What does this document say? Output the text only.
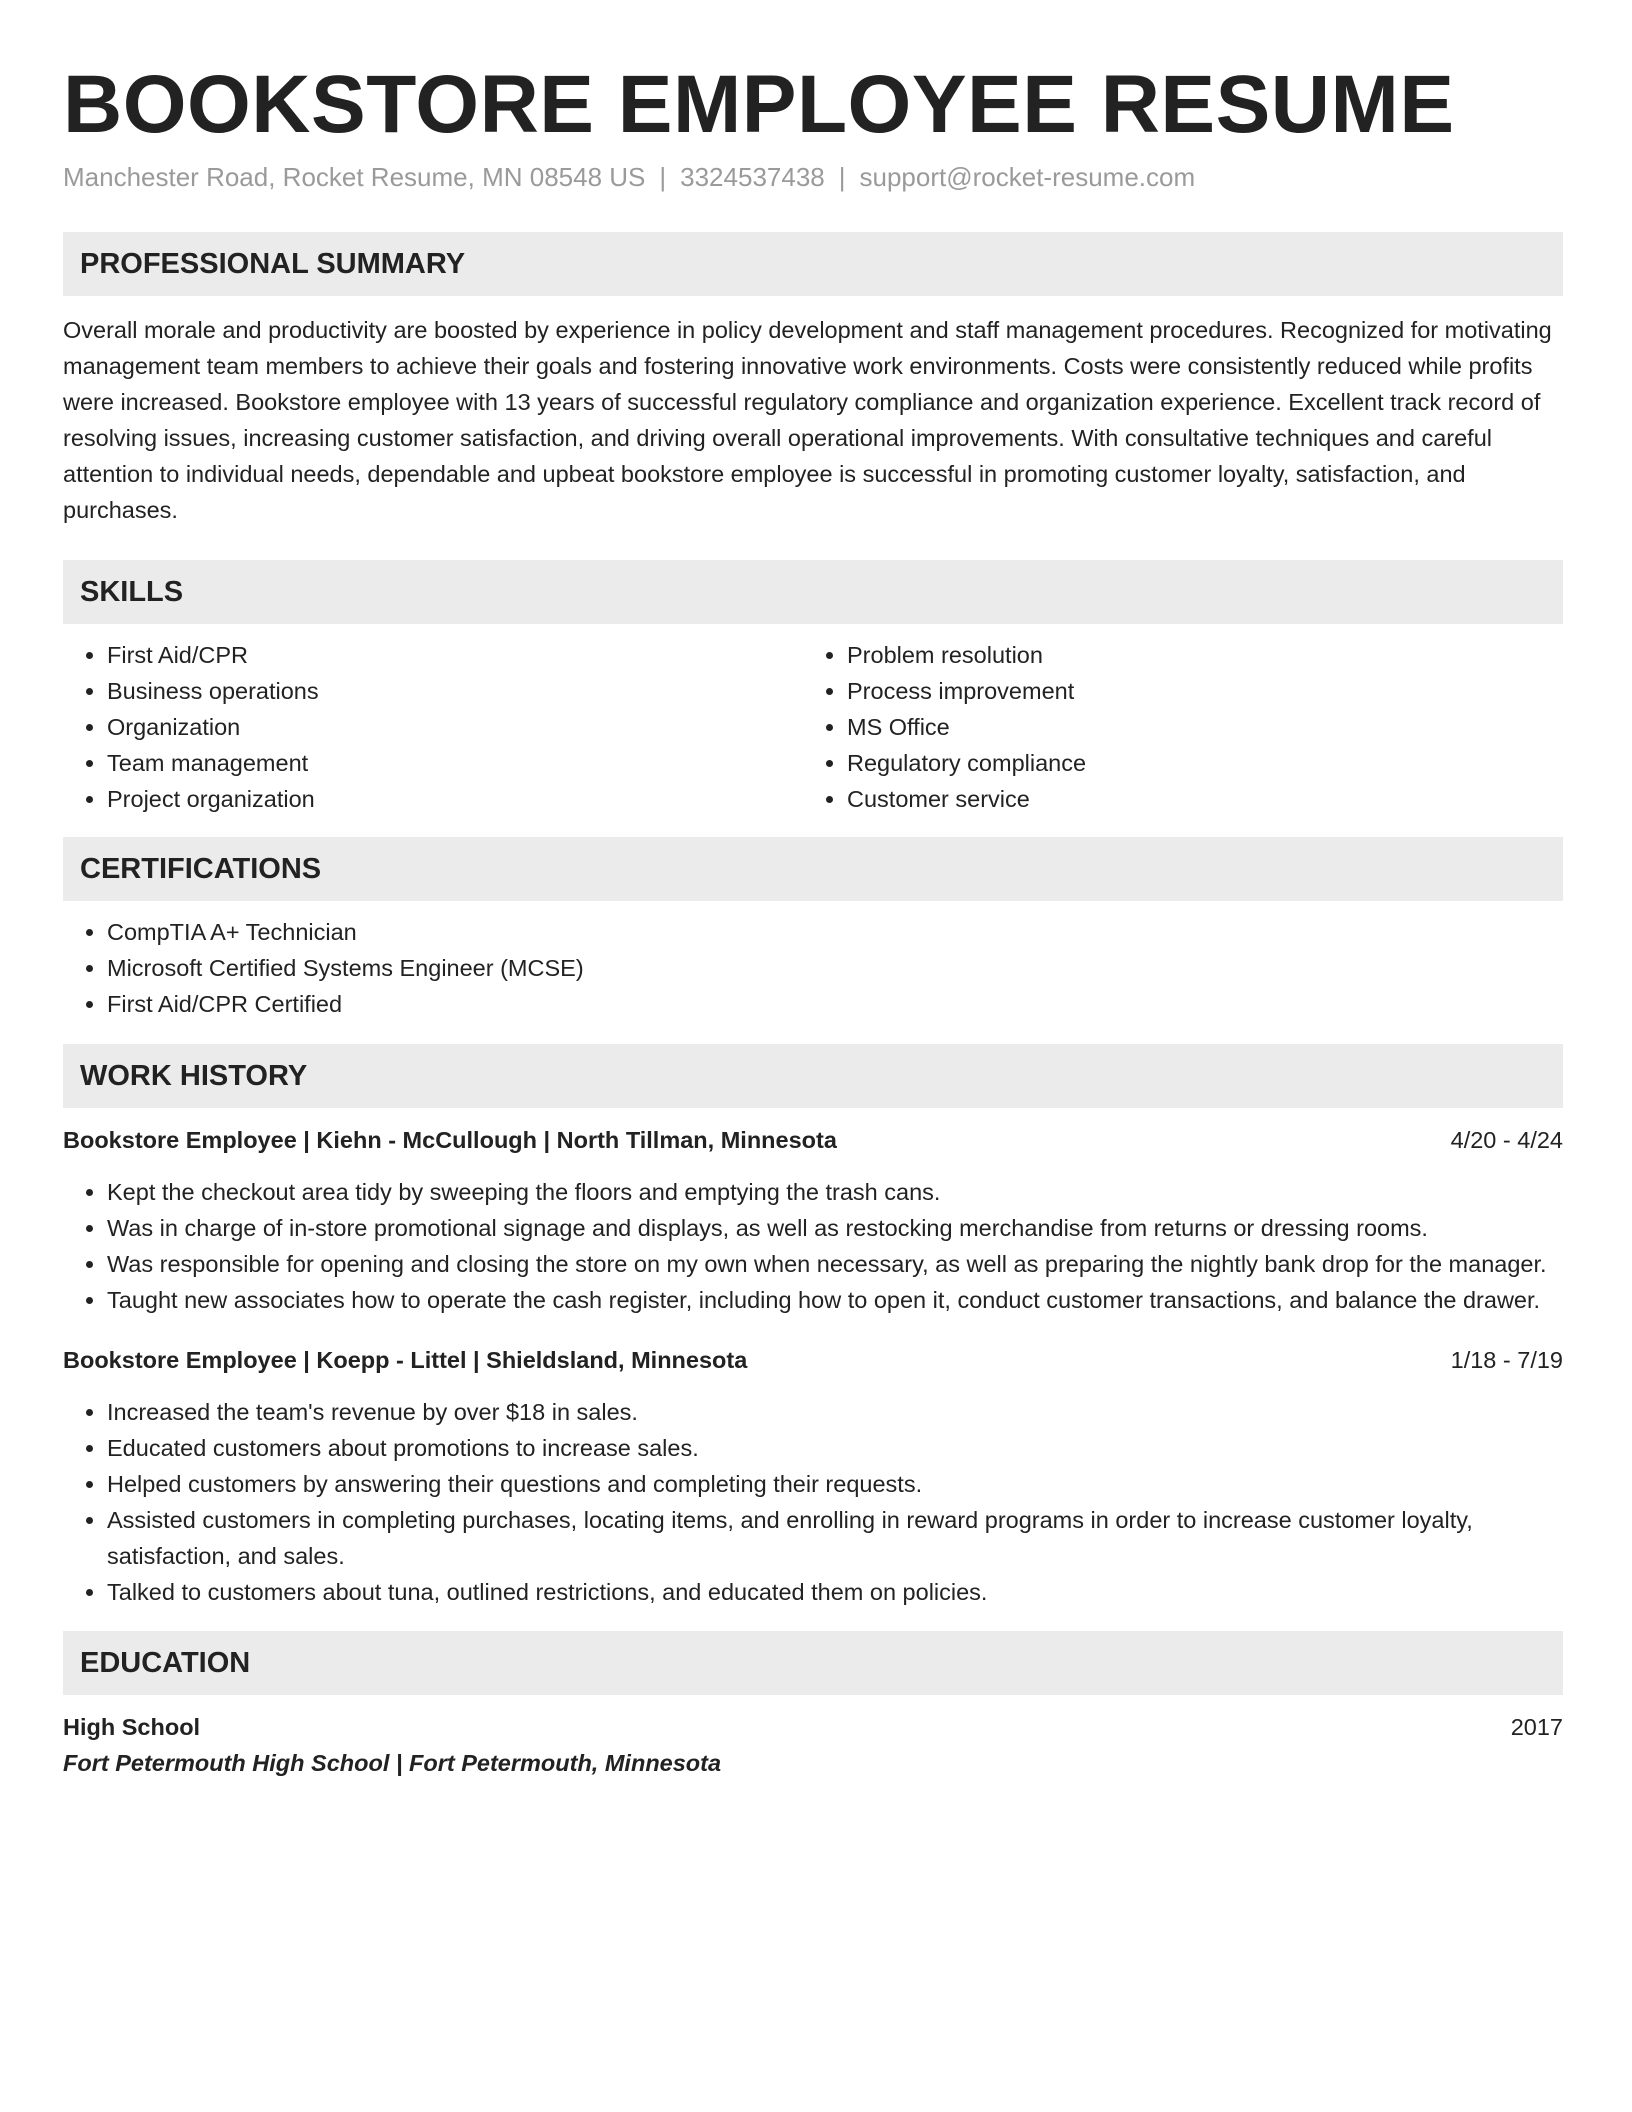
BOOKSTORE EMPLOYEE RESUME
Manchester Road, Rocket Resume, MN 08548 US | 3324537438 | support@rocket-resume.com
PROFESSIONAL SUMMARY

Overall morale and productivity are boosted by experience in policy development and staff management procedures. Recognized for motivating management team members to achieve their goals and fostering innovative work environments. Costs were consistently reduced while profits were increased. Bookstore employee with 13 years of successful regulatory compliance and organization experience. Excellent track record of resolving issues, increasing customer satisfaction, and driving overall operational improvements. With consultative techniques and careful attention to individual needs, dependable and upbeat bookstore employee is successful in promoting customer loyalty, satisfaction, and purchases.

SKILLS
• First Aid/CPR
• Business operations
• Organization
• Team management
• Project organization
• Problem resolution
• Process improvement
• MS Office
• Regulatory compliance
• Customer service
CERTIFICATIONS
• CompTIA A+ Technician
• Microsoft Certified Systems Engineer (MCSE)
• First Aid/CPR Certified
WORK HISTORY
Bookstore Employee | Kiehn - McCullough | North Tillman, Minnesota	4/20 - 4/24
• Kept the checkout area tidy by sweeping the floors and emptying the trash cans.
• Was in charge of in-store promotional signage and displays, as well as restocking merchandise from returns or dressing rooms.
• Was responsible for opening and closing the store on my own when necessary, as well as preparing the nightly bank drop for the manager.
• Taught new associates how to operate the cash register, including how to open it, conduct customer transactions, and balance the drawer.
Bookstore Employee | Koepp - Littel | Shieldsland, Minnesota	1/18 - 7/19
• Increased the team's revenue by over $18 in sales.
• Educated customers about promotions to increase sales.
• Helped customers by answering their questions and completing their requests.
• Assisted customers in completing purchases, locating items, and enrolling in reward programs in order to increase customer loyalty, satisfaction, and sales.
• Talked to customers about tuna, outlined restrictions, and educated them on policies.
EDUCATION
High School	2017
Fort Petermouth High School | Fort Petermouth, Minnesota
